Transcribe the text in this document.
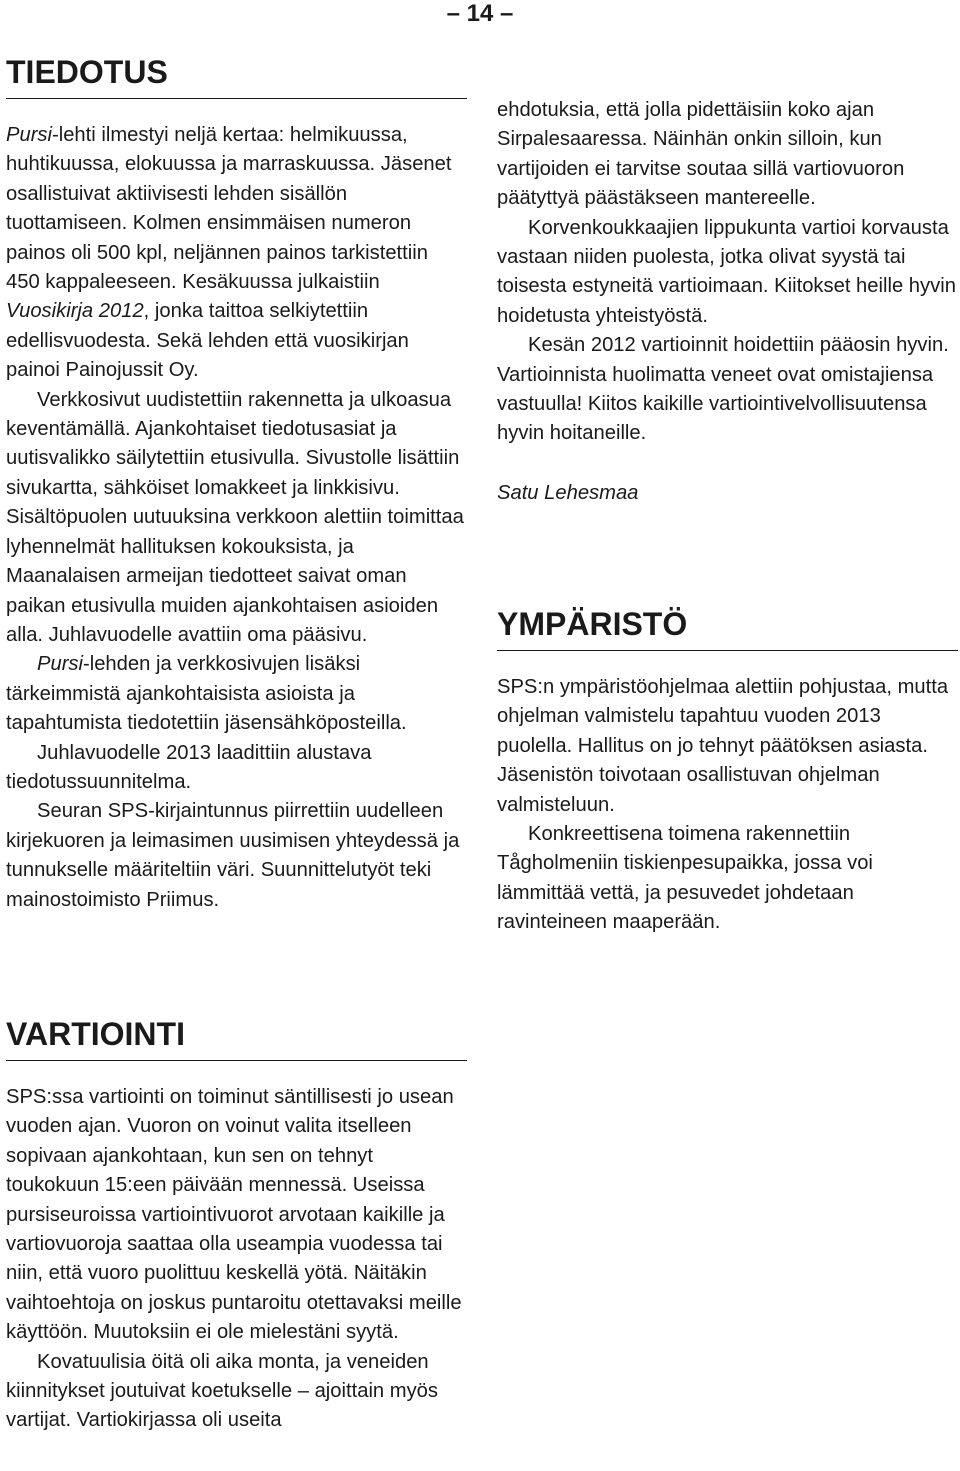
– 14 –
TIEDOTUS

Pursi-lehti ilmestyi neljä kertaa: helmikuussa, huhtikuussa, elokuussa ja marraskuussa. Jäsenet osallistuivat aktiivisesti lehden sisällön tuottamiseen. Kolmen ensimmäisen numeron painos oli 500 kpl, neljännen painos tarkistettiin 450 kappaleeseen. Kesäkuussa julkaistiin Vuosikirja 2012, jonka taittoa selkiytettiin edellisvuodesta. Sekä lehden että vuosikirjan painoi Painojussit Oy.

Verkkosivut uudistettiin rakennetta ja ulkoasua keventämällä. Ajankohtaiset tiedotusasiat ja uutisvalikko säilytettiin etusivulla. Sivustolle lisättiin sivukartta, sähköiset lomakkeet ja linkkisivu. Sisältöpuolen uutuuksina verkkoon alettiin toimittaa lyhennelmät hallituksen kokouksista, ja Maanalaisen armeijan tiedotteet saivat oman paikan etusivulla muiden ajankohtaisen asioiden alla. Juhlavuodelle avattiin oma pääsivu.

Pursi-lehden ja verkkosivujen lisäksi tärkeimmistä ajankohtaisista asioista ja tapahtumista tiedotettiin jäsensähköposteilla.

Juhlavuodelle 2013 laadittiin alustava tiedotussuunnitelma.

Seuran SPS-kirjaintunnus piirrettiin uudelleen kirjekuoren ja leimasimen uusimisen yhteydessä ja tunnukselle määriteltiin väri. Suunnittelutyöt teki mainostoimisto Priimus.

ehdotuksia, että jolla pidettäisiin koko ajan Sirpalesaaressa. Näinhän onkin silloin, kun vartijoiden ei tarvitse soutaa sillä vartiovuoron päätyttyä päästäkseen mantereelle.

Korvenkoukkaajien lippukunta vartioi korvausta vastaan niiden puolesta, jotka olivat syystä tai toisesta estyneitä vartioimaan. Kiitokset heille hyvin hoidetusta yhteistyöstä.

Kesän 2012 vartioinnit hoidettiin pääosin hyvin. Vartioinnista huolimatta veneet ovat omistajiensa vastuulla! Kiitos kaikille vartiointivelvollisuutensa hyvin hoitaneille.

Satu Lehesmaa

YMPÄRISTÖ

SPS:n ympäristöohjelmaa alettiin pohjustaa, mutta ohjelman valmistelu tapahtuu vuoden 2013 puolella. Hallitus on jo tehnyt päätöksen asiasta. Jäsenistön toivotaan osallistuvan ohjelman valmisteluun.

Konkreettisena toimena rakennettiin Tågholmeniin tiskienpesupaikka, jossa voi lämmittää vettä, ja pesuvedet johdetaan ravinteineen maaperään.

VARTIOINTI

SPS:ssa vartiointi on toiminut säntillisesti jo usean vuoden ajan. Vuoron on voinut valita itselleen sopivaan ajankohtaan, kun sen on tehnyt toukokuun 15:een päivään mennessä. Useissa pursiseuroissa vartiointivuorot arvotaan kaikille ja vartiovuoroja saattaa olla useampia vuodessa tai niin, että vuoro puolittuu keskellä yötä. Näitäkin vaihtoehtoja on joskus puntaroitu otettavaksi meille käyttöön. Muutoksiin ei ole mielestäni syytä.

Kovatuulisia öitä oli aika monta, ja veneiden kiinnitykset joutuivat koetukselle – ajoittain myös vartijat. Vartiokirjassa oli useita
